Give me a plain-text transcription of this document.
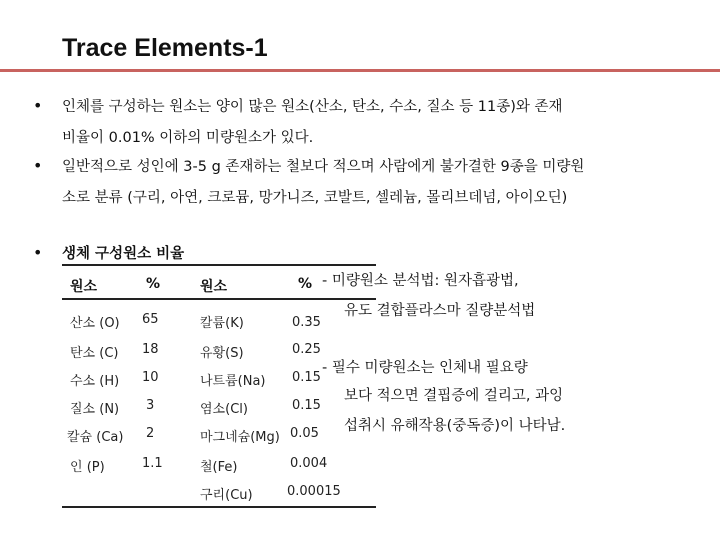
Trace Elements-1
• 인체를 구성하는 원소는 양이 많은 원소(산소, 탄소, 수소, 질소 등 11종)와 존재
비율이 0.01% 이하의 미량원소가 있다.
• 일반적으로 성인에 3-5 g 존재하는 철보다 적으며 사람에게 불가결한 9종을 미량원
소로 분류 (구리, 아연, 크로뮴, 망가니즈, 코발트, 셀레늄, 몰리브데넘, 아이오딘)
• 생체 구성원소 비율
원소	%	원소	%
산소 (O) 65	칼륨(K)	0.35
탄소 (C) 18	유황(S)	0.25
수소 (H) 10	나트륨(Na) 0.15
질소 (N) 3	염소(Cl)	0.15
칼슘 (Ca) 2	마그네슘(Mg) 0.05
인 (P)	1.1	철(Fe)	0.004
구리(Cu)	0.00015
- 미량원소 분석법: 원자흡광법,
유도 결합플라스마 질량분석법
- 필수 미량원소는 인체내 필요량
보다 적으면 결핍증에 걸리고, 과잉
섭취시 유해작용(중독증)이 나타남.
